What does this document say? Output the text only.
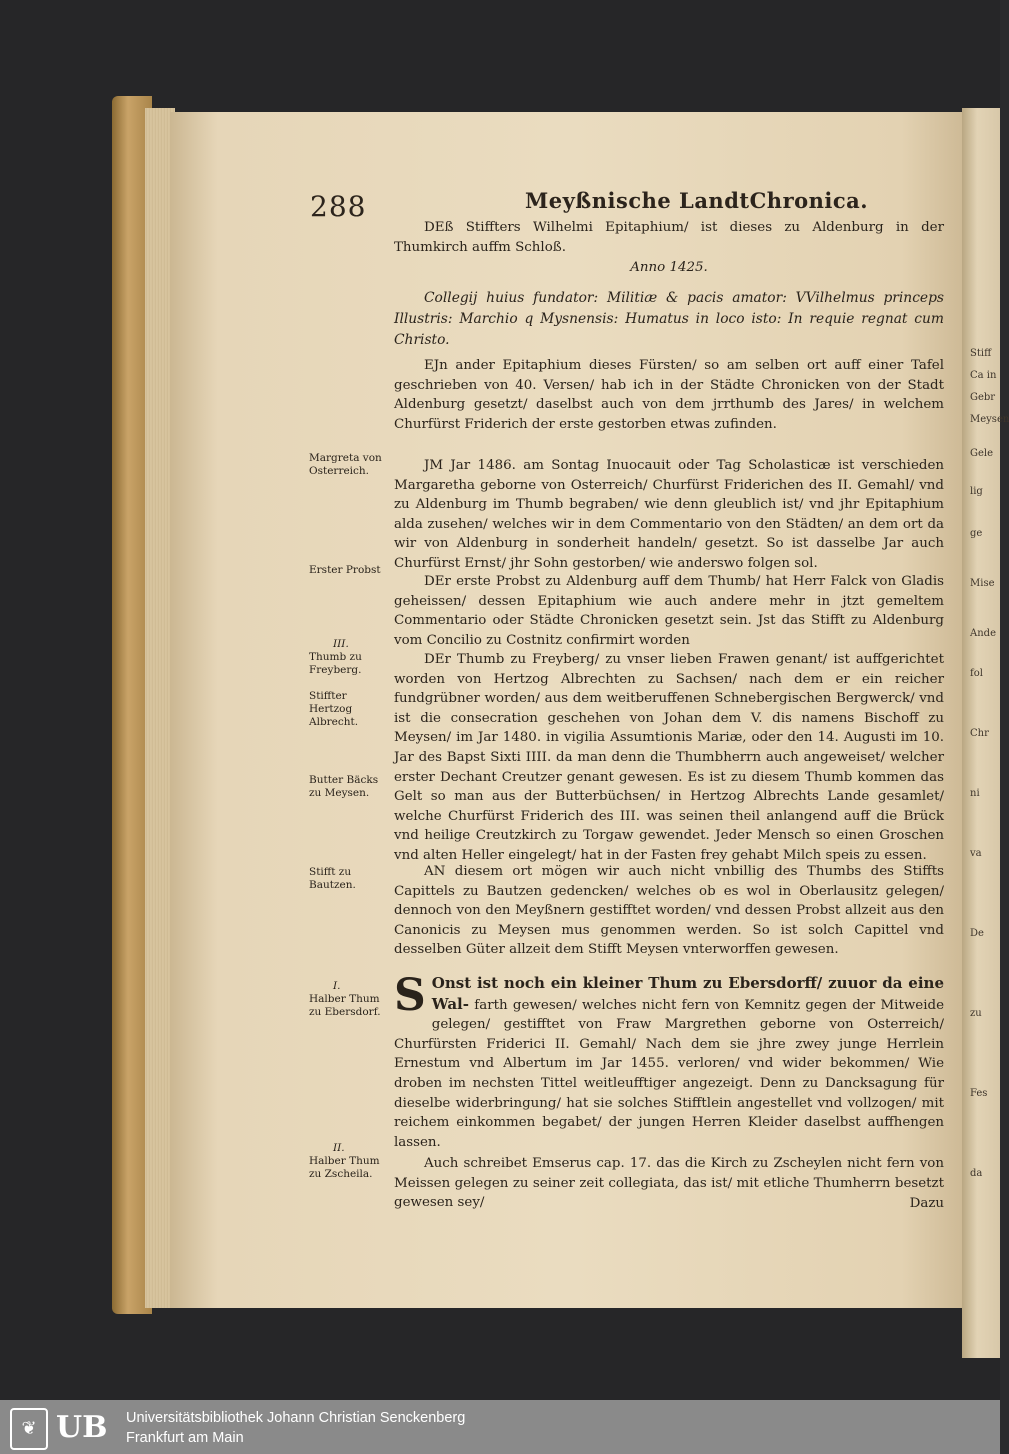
Stiff
Ca in
Gebr
Meysen
Gele
lig
ge
Mise
Ande
fol
Chr
ni
va
De
zu
Fes
da
288	Meyßnische LandtChronica.

DEß Stiffters Wilhelmi Epitaphium/ ist dieses zu Aldenburg in der Thumkirch auffm Schloß.

Anno 1425.

Collegij huius fundator: Militiæ & pacis amator: VVilhelmus princeps Illustris: Marchio q Mysnensis: Humatus in loco isto: In requie regnat cum Christo.

EJn ander Epitaphium dieses Fürsten/ so am selben ort auff einer Tafel geschrieben von 40. Versen/ hab ich in der Städte Chronicken von der Stadt Aldenburg gesetzt/ daselbst auch von dem jrrthumb des Jares/ in welchem Churfürst Friderich der erste gestorben etwas zufinden.

JM Jar 1486. am Sontag Inuocauit oder Tag Scholasticæ ist verschieden Margaretha geborne von Osterreich/ Churfürst Friderichen des II. Gemahl/ vnd zu Aldenburg im Thumb begraben/ wie denn gleublich ist/ vnd jhr Epitaphium alda zusehen/ welches wir in dem Commentario von den Städten/ an dem ort da wir von Aldenburg in sonderheit handeln/ gesetzt. So ist dasselbe Jar auch Churfürst Ernst/ jhr Sohn gestorben/ wie anderswo folgen sol.

DEr erste Probst zu Aldenburg auff dem Thumb/ hat Herr Falck von Gladis geheissen/ dessen Epitaphium wie auch andere mehr in jtzt gemeltem Commentario oder Städte Chronicken gesetzt sein. Jst das Stifft zu Aldenburg vom Concilio zu Costnitz confirmirt worden

DEr Thumb zu Freyberg/ zu vnser lieben Frawen genant/ ist auffgerichtet worden von Hertzog Albrechten zu Sachsen/ nach dem er ein reicher fundgrübner worden/ aus dem weitberuffenen Schnebergischen Bergwerck/ vnd ist die consecration geschehen von Johan dem V. dis namens Bischoff zu Meysen/ im Jar 1480. in vigilia Assumtionis Mariæ, oder den 14. Augusti im 10. Jar des Bapst Sixti IIII. da man denn die Thumbherrn auch angeweiset/ welcher erster Dechant Creutzer genant gewesen. Es ist zu diesem Thumb kommen das Gelt so man aus der Butterbüchsen/ in Hertzog Albrechts Lande gesamlet/ welche Churfürst Friderich des III. was seinen theil anlangend auff die Brück vnd heilige Creutzkirch zu Torgaw gewendet. Jeder Mensch so einen Groschen vnd alten Heller eingelegt/ hat in der Fasten frey gehabt Milch speis zu essen.

AN diesem ort mögen wir auch nicht vnbillig des Thumbs des Stiffts Capittels zu Bautzen gedencken/ welches ob es wol in Oberlausitz gelegen/ dennoch von den Meyßnern gestifftet worden/ vnd dessen Probst allzeit aus den Canonicis zu Meysen mus genommen werden. So ist solch Capittel vnd desselben Güter allzeit dem Stifft Meysen vnterworffen gewesen.

S Onst ist noch ein kleiner Thum zu Ebersdorff/ zuuor da eine Wal- farth gewesen/ welches nicht fern von Kemnitz gegen der Mitweide gelegen/ gestifftet von Fraw Margrethen geborne von Osterreich/ Churfürsten Friderici II. Gemahl/ Nach dem sie jhre zwey junge Herrlein Ernestum vnd Albertum im Jar 1455. verloren/ vnd wider bekommen/ Wie droben im nechsten Tittel weitleufftiger angezeigt. Denn zu Dancksagung für dieselbe widerbringung/ hat sie solches Stifftlein angestellet vnd vollzogen/ mit reichem einkommen begabet/ der jungen Herren Kleider daselbst auffhengen lassen.

Auch schreibet Emserus cap. 17. das die Kirch zu Zscheylen nicht fern von Meissen gelegen zu seiner zeit collegiata, das ist/ mit etliche Thumherrn besetzt gewesen sey/	Dazu
Margreta von Osterreich.
Erster Probst
III.
Thumb zu Freyberg.
Stiffter Hertzog Albrecht.
Butter Bäcks zu Meysen.
Stifft zu Bautzen.
I.
Halber Thum zu Ebersdorf.
II.
Halber Thum zu Zscheila.
❦ UB Universitätsbibliothek Johann Christian Senckenberg
Frankfurt am Main
